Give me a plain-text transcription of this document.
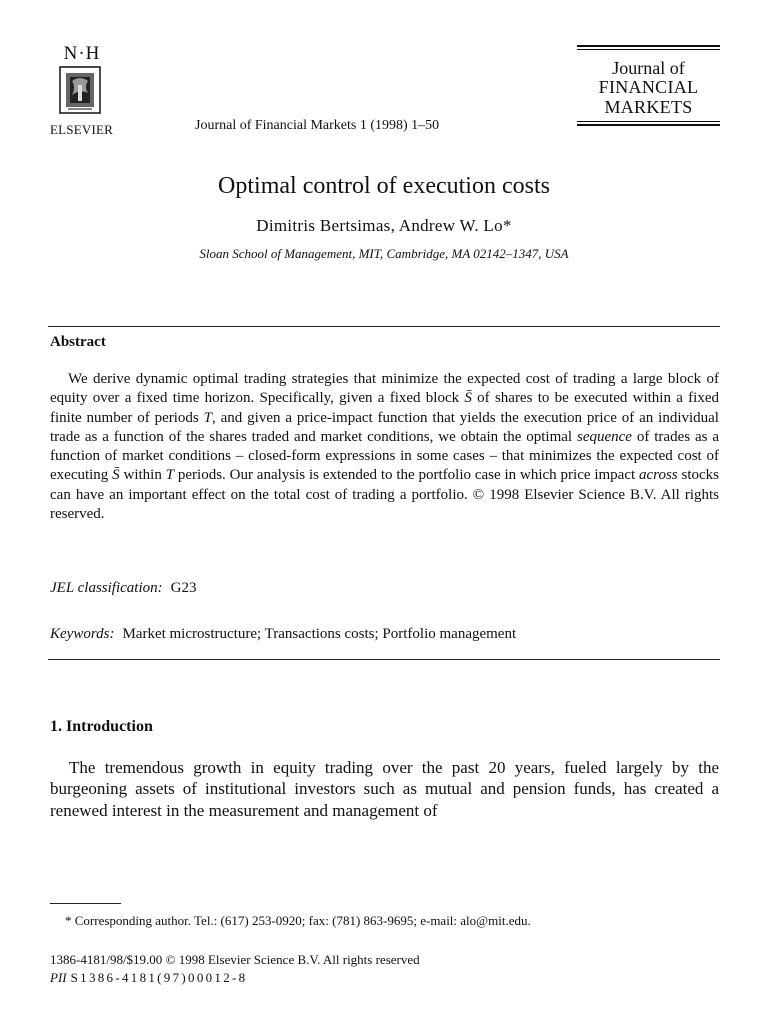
N·H
ELSEVIER	Journal of Financial Markets 1 (1998) 1–50
Journal of
FINANCIAL
MARKETS
Optimal control of execution costs
Dimitris Bertsimas, Andrew W. Lo*
Sloan School of Management, MIT, Cambridge, MA 02142–1347, USA
Abstract
We derive dynamic optimal trading strategies that minimize the expected cost of trading a large block of equity over a fixed time horizon. Specifically, given a fixed block S̄ of shares to be executed within a fixed finite number of periods T, and given a price-impact function that yields the execution price of an individual trade as a function of the shares traded and market conditions, we obtain the optimal sequence of trades as a function of market conditions – closed-form expressions in some cases – that minimizes the expected cost of executing S̄ within T periods. Our analysis is extended to the portfolio case in which price impact across stocks can have an important effect on the total cost of trading a portfolio. © 1998 Elsevier Science B.V. All rights reserved.
JEL classification: G23
Keywords: Market microstructure; Transactions costs; Portfolio management
1. Introduction
The tremendous growth in equity trading over the past 20 years, fueled largely by the burgeoning assets of institutional investors such as mutual and pension funds, has created a renewed interest in the measurement and management of
* Corresponding author. Tel.: (617) 253-0920; fax: (781) 863-9695; e-mail: alo@mit.edu.
1386-4181/98/$19.00 © 1998 Elsevier Science B.V. All rights reserved
PII S1386-4181(97)00012-8
